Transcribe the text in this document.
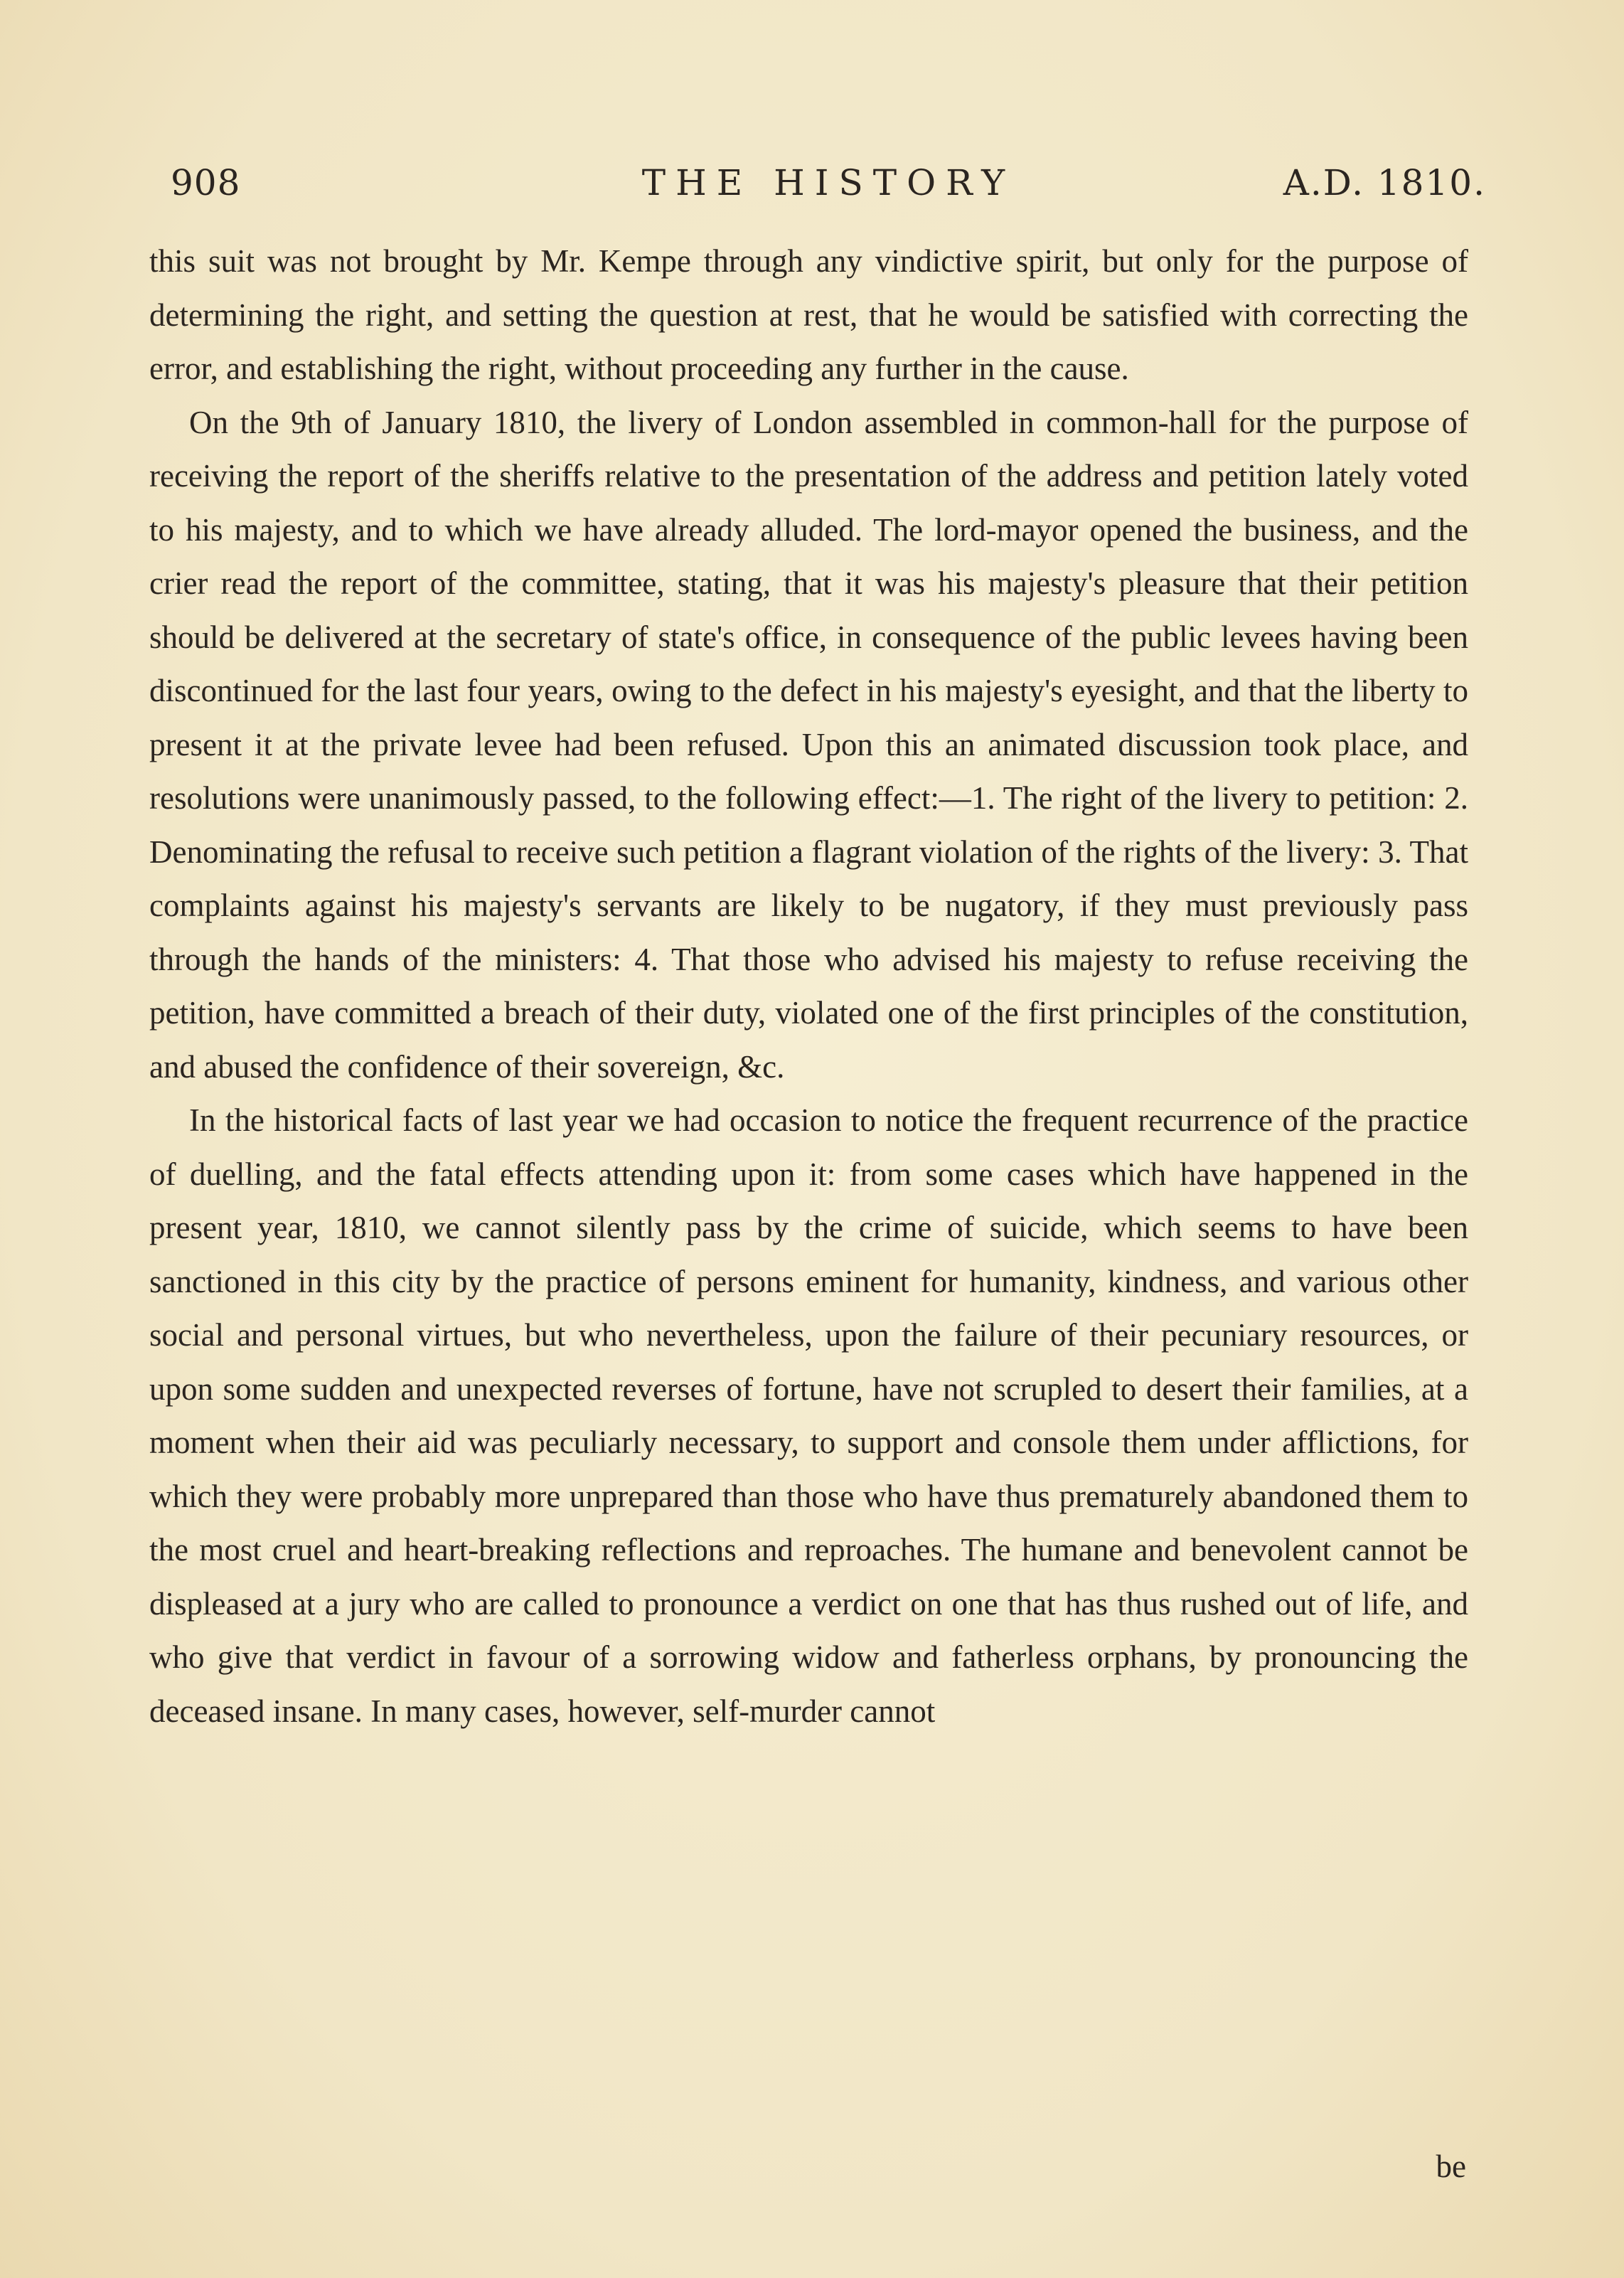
908	THE HISTORY	A.D. 1810.

this suit was not brought by Mr. Kempe through any vindictive spirit, but only for the purpose of determining the right, and setting the question at rest, that he would be satisfied with correcting the error, and establishing the right, without proceeding any further in the cause.

On the 9th of January 1810, the livery of London assembled in common-hall for the purpose of receiving the report of the sheriffs relative to the presentation of the address and petition lately voted to his majesty, and to which we have already alluded. The lord-mayor opened the business, and the crier read the report of the committee, stating, that it was his majesty's pleasure that their petition should be delivered at the secretary of state's office, in consequence of the public levees having been discontinued for the last four years, owing to the defect in his majesty's eyesight, and that the liberty to present it at the private levee had been refused. Upon this an animated discussion took place, and resolutions were unanimously passed, to the following effect:—1. The right of the livery to petition: 2. Denominating the refusal to receive such petition a flagrant violation of the rights of the livery: 3. That complaints against his majesty's servants are likely to be nugatory, if they must previously pass through the hands of the ministers: 4. That those who advised his majesty to refuse receiving the petition, have committed a breach of their duty, violated one of the first principles of the constitution, and abused the confidence of their sovereign, &c.

In the historical facts of last year we had occasion to notice the frequent recurrence of the practice of duelling, and the fatal effects attending upon it: from some cases which have happened in the present year, 1810, we cannot silently pass by the crime of suicide, which seems to have been sanctioned in this city by the practice of persons eminent for humanity, kindness, and various other social and personal virtues, but who nevertheless, upon the failure of their pecuniary resources, or upon some sudden and unexpected reverses of fortune, have not scrupled to desert their families, at a moment when their aid was peculiarly necessary, to support and console them under afflictions, for which they were probably more unprepared than those who have thus prematurely abandoned them to the most cruel and heart-breaking reflections and reproaches. The humane and benevolent cannot be displeased at a jury who are called to pronounce a verdict on one that has thus rushed out of life, and who give that verdict in favour of a sorrowing widow and fatherless orphans, by pronouncing the deceased insane. In many cases, however, self-murder cannot

be
